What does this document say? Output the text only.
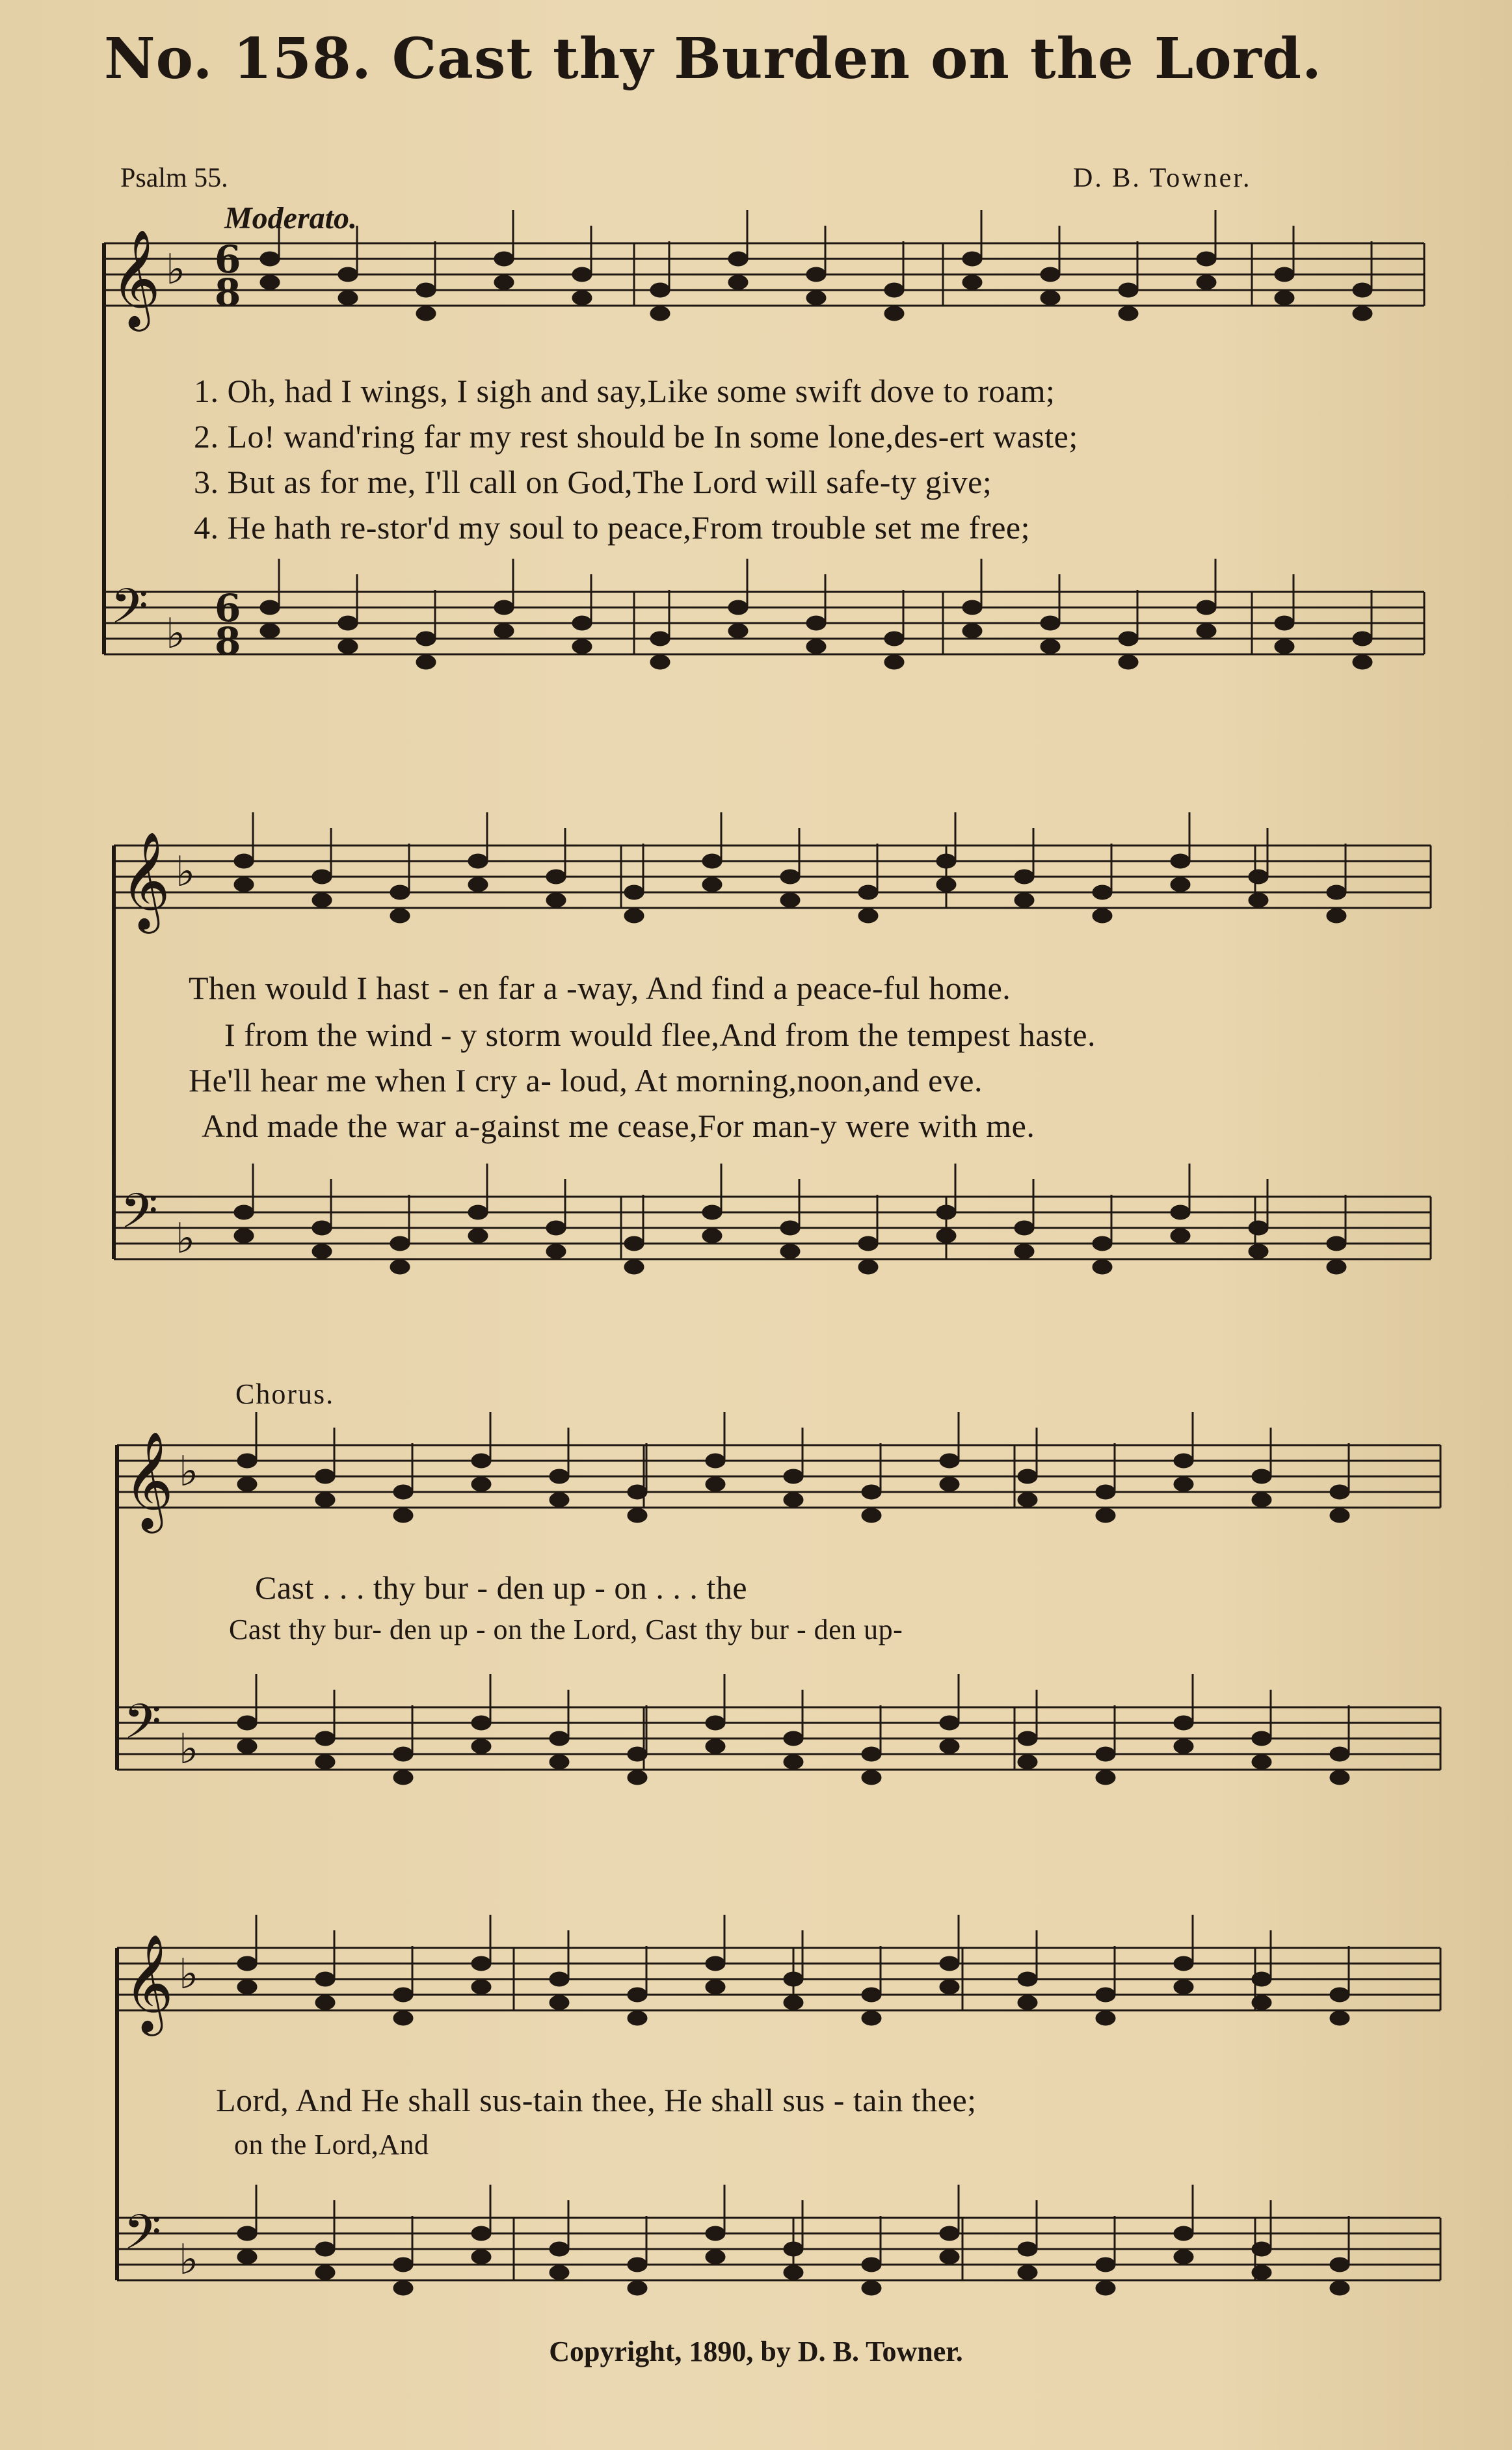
No. 158. Cast thy Burden on the Lord.
Psalm 55.	D. B. Towner.
Moderato.
𝄞 ♭
𝄢 ♭
𝄞 ♭
𝄢 ♭
𝄞 ♭
𝄢 ♭
𝄞 ♭
𝄢 ♭
6
8
6
8
1. Oh, had I wings, I sigh and say,Like some swift dove to roam;
2. Lo! wand'ring far my rest should be In some lone,des-ert waste;
3. But as for me, I'll call on God,The Lord will safe-ty give;
4. He hath re-stor'd my soul to peace,From trouble set me free;
Then would I hast - en far a -way, And find a peace-ful home.
I from the wind - y storm would flee,And from the tempest haste.
He'll hear me when I cry a- loud, At morning,noon,and eve.
And made the war a-gainst me cease,For man-y were with me.
Chorus.
Cast . . . thy bur - den up - on . . . the
Cast thy bur- den up - on the Lord, Cast thy bur - den up-
Lord, And He shall sus-tain thee, He shall sus - tain thee;
on the Lord,And
Copyright, 1890, by D. B. Towner.
